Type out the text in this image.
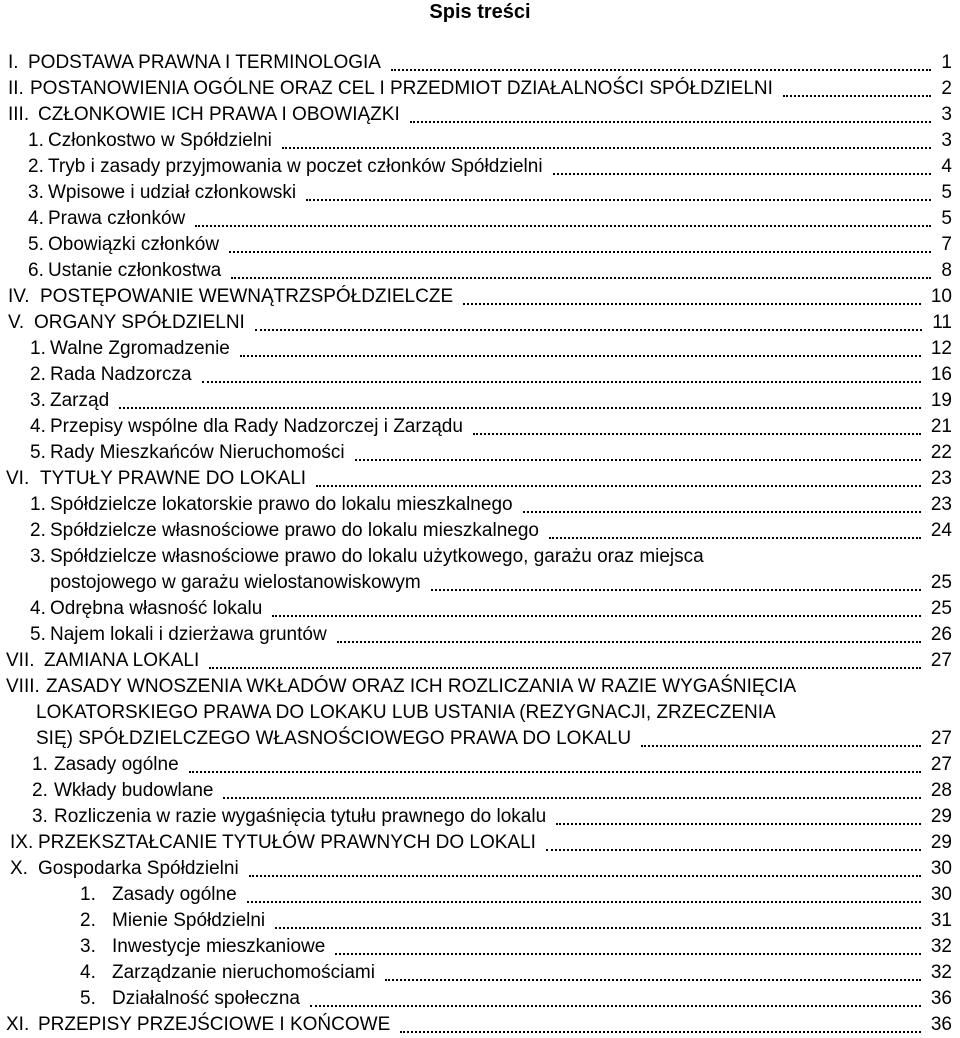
Spis treści
I. PODSTAWA PRAWNA I TERMINOLOGIA	1
II. POSTANOWIENIA OGÓLNE ORAZ CEL I PRZEDMIOT DZIAŁALNOŚCI SPÓŁDZIELNI	2
III. CZŁONKOWIE ICH PRAWA I OBOWIĄZKI	3
1. Członkostwo w Spółdzielni	3
2. Tryb i zasady przyjmowania w poczet członków Spółdzielni	4
3. Wpisowe i udział członkowski	5
4. Prawa członków	5
5. Obowiązki członków	7
6. Ustanie członkostwa	8
IV. POSTĘPOWANIE WEWNĄTRZSPÓŁDZIELCZE	10
V. ORGANY SPÓŁDZIELNI	11
1. Walne Zgromadzenie	12
2. Rada Nadzorcza	16
3. Zarząd	19
4. Przepisy wspólne dla Rady Nadzorczej i Zarządu	21
5. Rady Mieszkańców Nieruchomości	22
VI. TYTUŁY PRAWNE DO LOKALI	23
1. Spółdzielcze lokatorskie prawo do lokalu mieszkalnego	23
2. Spółdzielcze własnościowe prawo do lokalu mieszkalnego	24
3. Spółdzielcze własnościowe prawo do lokalu użytkowego, garażu oraz miejsca
postojowego w garażu wielostanowiskowym	25
4. Odrębna własność lokalu	25
5. Najem lokali i dzierżawa gruntów	26
VII. ZAMIANA LOKALI	27
VIII. ZASADY WNOSZENIA WKŁADÓW ORAZ ICH ROZLICZANIA W RAZIE WYGAŚNIĘCIA
LOKATORSKIEGO PRAWA DO LOKAKU LUB USTANIA (REZYGNACJI, ZRZECZENIA
SIĘ) SPÓŁDZIELCZEGO WŁASNOŚCIOWEGO PRAWA DO LOKALU	27
1. Zasady ogólne	27
2. Wkłady budowlane	28
3. Rozliczenia w razie wygaśnięcia tytułu prawnego do lokalu	29
IX. PRZEKSZTAŁCANIE TYTUŁÓW PRAWNYCH DO LOKALI	29
X. Gospodarka Spółdzielni	30
1. Zasady ogólne	30
2. Mienie Spółdzielni	31
3. Inwestycje mieszkaniowe	32
4. Zarządzanie nieruchomościami	32
5. Działalność społeczna	36
XI. PRZEPISY PRZEJŚCIOWE I KOŃCOWE	36
